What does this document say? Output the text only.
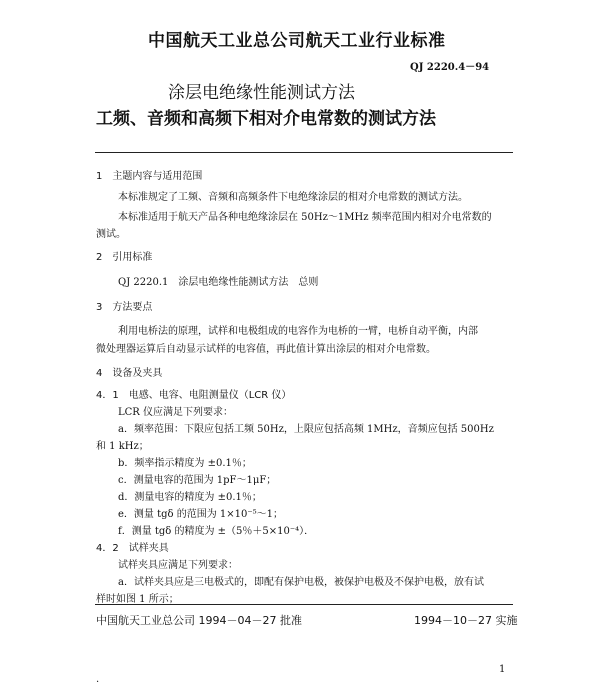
中国航天工业总公司航天工业行业标准
QJ 2220.4－94
涂层电绝缘性能测试方法
工频、音频和高频下相对介电常数的测试方法
1　主题内容与适用范围
本标准规定了工频、音频和高频条件下电绝缘涂层的相对介电常数的测试方法。
本标准适用于航天产品各种电绝缘涂层在 50Hz～1MHz 频率范围内相对介电常数的
测试。
2　引用标准
QJ 2220.1　涂层电绝缘性能测试方法　总则
3　方法要点
利用电桥法的原理，试样和电极组成的电容作为电桥的一臂，电桥自动平衡，内部
微处理器运算后自动显示试样的电容值，再此值计算出涂层的相对介电常数。
4　设备及夹具
4．1　电感、电容、电阻测量仪（LCR 仪）
LCR 仪应满足下列要求：
a．频率范围：下限应包括工频 50Hz，上限应包括高频 1MHz，音频应包括 500Hz
和 1 kHz；
b．频率指示精度为 ±0.1％；
c．测量电容的范围为 1pF～1μF；
d．测量电容的精度为 ±0.1％；
e．测量 tgδ 的范围为 1×10⁻⁵～1；
f．测量 tgδ 的精度为 ±（5％＋5×10⁻⁴）．
4．2　试样夹具
试样夹具应满足下列要求：
a．试样夹具应是三电极式的，即配有保护电极，被保护电极及不保护电极，放有试
样时如图 1 所示；
中国航天工业总公司 1994－04－27 批准	1994－10－27 实施
1
.
